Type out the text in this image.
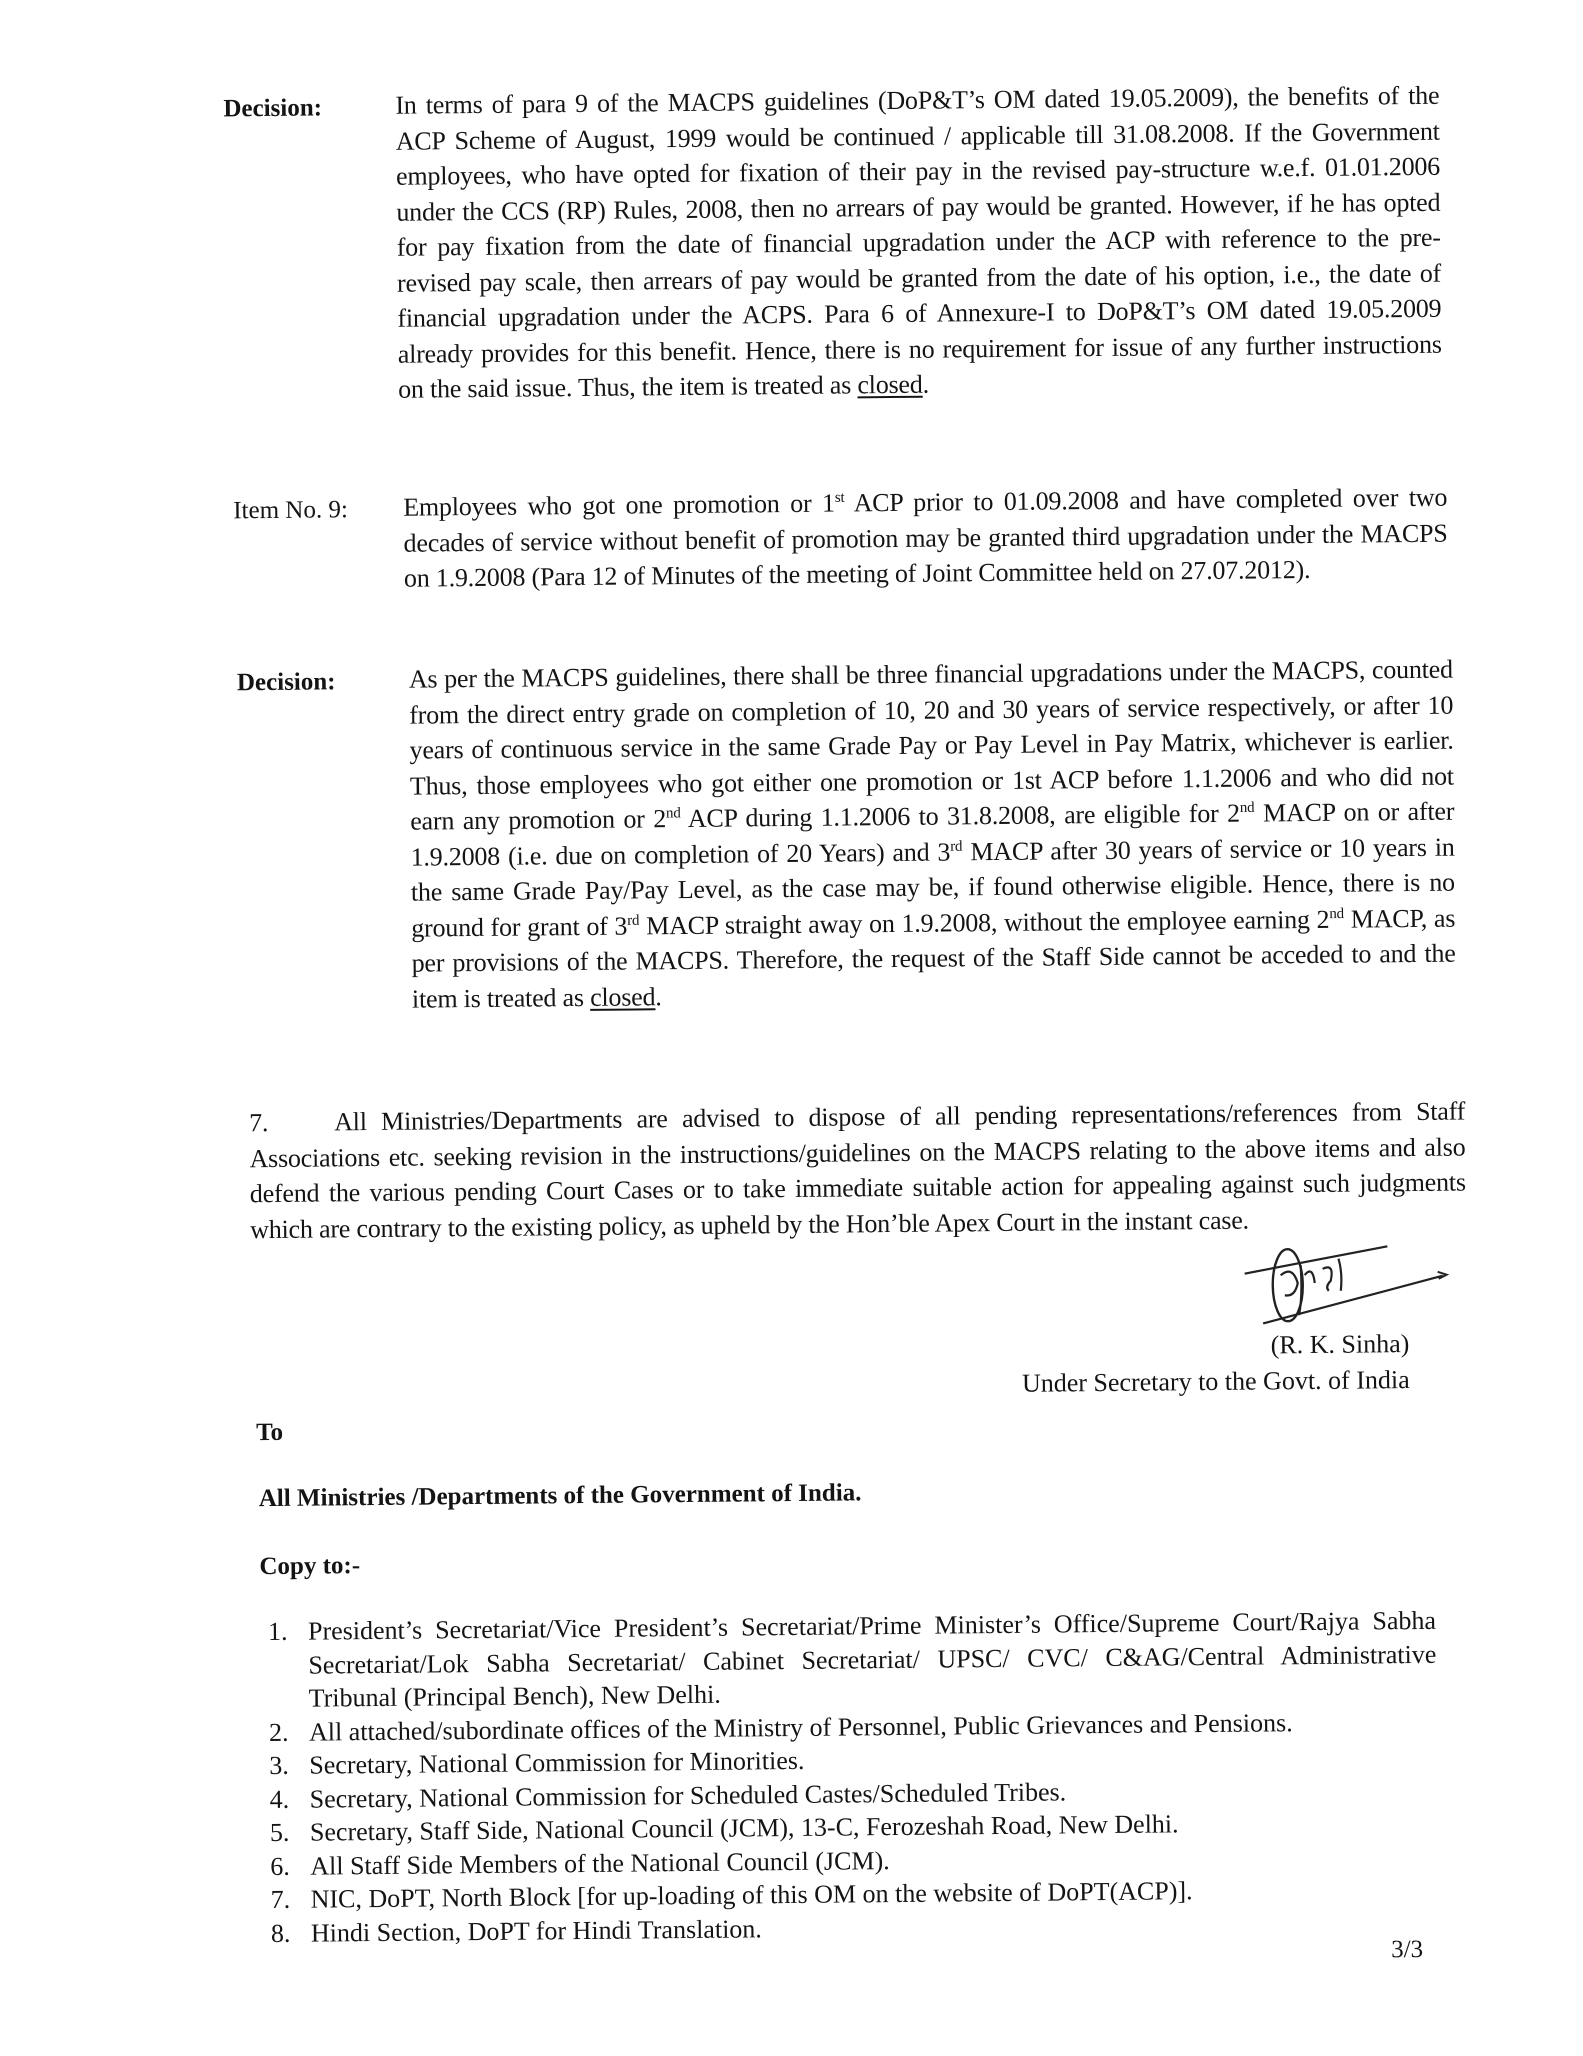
Decision:	In terms of para 9 of the MACPS guidelines (DoP&T’s OM dated 19.05.2009), the benefits of the ACP Scheme of August, 1999 would be continued / applicable till 31.08.2008. If the Government employees, who have opted for fixation of their pay in the revised pay-structure w.e.f. 01.01.2006 under the CCS (RP) Rules, 2008, then no arrears of pay would be granted. However, if he has opted for pay fixation from the date of financial upgradation under the ACP with reference to the pre-revised pay scale, then arrears of pay would be granted from the date of his option, i.e., the date of financial upgradation under the ACPS. Para 6 of Annexure-I to DoP&T’s OM dated 19.05.2009 already provides for this benefit. Hence, there is no requirement for issue of any further instructions on the said issue. Thus, the item is treated as closed.
Item No. 9: Employees who got one promotion or 1st ACP prior to 01.09.2008 and have completed over two decades of service without benefit of promotion may be granted third upgradation under the MACPS on 1.9.2008 (Para 12 of Minutes of the meeting of Joint Committee held on 27.07.2012).
Decision:	As per the MACPS guidelines, there shall be three financial upgradations under the MACPS, counted from the direct entry grade on completion of 10, 20 and 30 years of service respectively, or after 10 years of continuous service in the same Grade Pay or Pay Level in Pay Matrix, whichever is earlier. Thus, those employees who got either one promotion or 1st ACP before 1.1.2006 and who did not earn any promotion or 2nd ACP during 1.1.2006 to 31.8.2008, are eligible for 2nd MACP on or after 1.9.2008 (i.e. due on completion of 20 Years) and 3rd MACP after 30 years of service or 10 years in the same Grade Pay/Pay Level, as the case may be, if found otherwise eligible. Hence, there is no ground for grant of 3rd MACP straight away on 1.9.2008, without the employee earning 2nd MACP, as per provisions of the MACPS. Therefore, the request of the Staff Side cannot be acceded to and the item is treated as closed.
7.	All Ministries/Departments are advised to dispose of all pending representations/references from Staff Associations etc. seeking revision in the instructions/guidelines on the MACPS relating to the above items and also defend the various pending Court Cases or to take immediate suitable action for appealing against such judgments which are contrary to the existing policy, as upheld by the Hon’ble Apex Court in the instant case.
(R. K. Sinha)
Under Secretary to the Govt. of India
To
All Ministries /Departments of the Government of India.
Copy to:-
1. President’s Secretariat/Vice President’s Secretariat/Prime Minister’s Office/Supreme Court/Rajya Sabha Secretariat/Lok Sabha Secretariat/ Cabinet Secretariat/ UPSC/ CVC/ C&AG/Central Administrative Tribunal (Principal Bench), New Delhi.
2. All attached/subordinate offices of the Ministry of Personnel, Public Grievances and Pensions.
3. Secretary, National Commission for Minorities.
4. Secretary, National Commission for Scheduled Castes/Scheduled Tribes.
5. Secretary, Staff Side, National Council (JCM), 13-C, Ferozeshah Road, New Delhi.
6. All Staff Side Members of the National Council (JCM).
7. NIC, DoPT, North Block [for up-loading of this OM on the website of DoPT(ACP)].
8. Hindi Section, DoPT for Hindi Translation.
3/3
